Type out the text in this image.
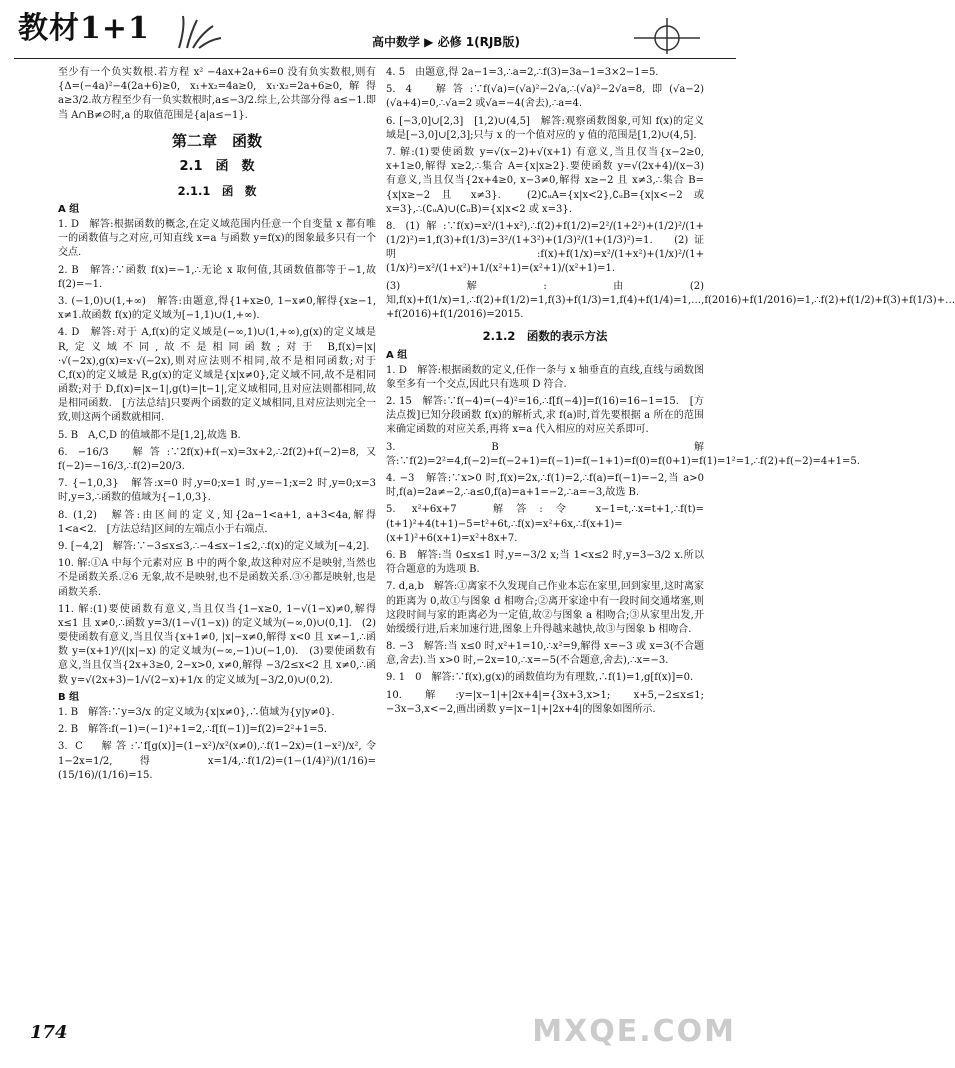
教材1+1	高中数学 ▶ 必修 1(RJB版)

至少有一个负实数根.若方程 x² −4ax+2a+6=0 没有负实数根,则有{Δ=(−4a)²−4(2a+6)≥0, x₁+x₂=4a≥0, x₁·x₂=2a+6≥0,解得 a≥3/2.故方程至少有一负实数根时,a≤−3/2.综上,公共部分得 a≤−1.即当 A∩B≠∅时,a 的取值范围是{a|a≤−1}.

第二章　函数
2.1　函　数
2.1.1　函　数
A 组

1. D　解答:根据函数的概念,在定义域范围内任意一个自变量 x 都有唯一的函数值与之对应,可知直线 x=a 与函数 y=f(x)的图象最多只有一个交点.

2. B　解答:∵函数 f(x)=−1,∴无论 x 取何值,其函数值都等于−1,故 f(2)=−1.

3. (−1,0)∪(1,+∞)　解答:由题意,得{1+x≥0, 1−x≠0,解得{x≥−1, x≠1.故函数 f(x)的定义域为[−1,1)∪(1,+∞).

4. D　解答:对于 A,f(x)的定义域是(−∞,1)∪(1,+∞),g(x)的定义域是 R,定义域不同,故不是相同函数;对于 B,f(x)=|x|·√(−2x),g(x)=x·√(−2x),则对应法则不相同,故不是相同函数;对于 C,f(x)的定义域是 R,g(x)的定义域是{x|x≠0},定义域不同,故不是相同函数;对于 D,f(x)=|x−1|,g(t)=|t−1|,定义域相同,且对应法则都相同,故是相同函数.　[方法总结]只要两个函数的定义域相同,且对应法则完全一致,则这两个函数就相同.

5. B　A,C,D 的值域都不是[1,2],故选 B.

6. −16/3　解答:∵2f(x)+f(−x)=3x+2,∴2f(2)+f(−2)=8,又 f(−2)=−16/3,∴f(2)=20/3.

7. {−1,0,3}　解答:x=0 时,y=0;x=1 时,y=−1;x=2 时,y=0;x=3 时,y=3,∴函数的值域为{−1,0,3}.

8. (1,2)　解答:由区间的定义,知{2a−1<a+1, a+3<4a,解得 1<a<2.　[方法总结]区间的左端点小于右端点.

9. [−4,2]　解答:∵−3≤x≤3,∴−4≤x−1≤2,∴f(x)的定义域为[−4,2].

10. 解:①A 中每个元素对应 B 中的两个象,故这种对应不是映射,当然也不是函数关系.②6 无象,故不是映射,也不是函数关系.③④都是映射,也是函数关系.

11. 解:(1)要使函数有意义,当且仅当{1−x≥0, 1−√(1−x)≠0,解得 x≤1 且 x≠0,∴函数 y=3/(1−√(1−x)) 的定义域为(−∞,0)∪(0,1].　(2) 要使函数有意义,当且仅当{x+1≠0, |x|−x≠0,解得 x<0 且 x≠−1,∴函数 y=(x+1)⁰/(|x|−x) 的定义域为(−∞,−1)∪(−1,0).　(3)要使函数有意义,当且仅当{2x+3≥0, 2−x>0, x≠0,解得 −3/2≤x<2 且 x≠0,∴函数 y=√(2x+3)−1/√(2−x)+1/x 的定义域为[−3/2,0)∪(0,2).

B 组

1. B　解答:∵y=3/x 的定义域为{x|x≠0},∴值域为{y|y≠0}.

2. B　解答:f(−1)=(−1)²+1=2,∴f[f(−1)]=f(2)=2²+1=5.

3. C　解答:∵f[g(x)]=(1−x²)/x²(x≠0),∴f(1−2x)=(1−x²)/x²,令 1−2x=1/2,得 x=1/4,∴f(1/2)=(1−(1/4)²)/(1/16)=(15/16)/(1/16)=15.

4. 5　由题意,得 2a−1=3,∴a=2,∴f(3)=3a−1=3×2−1=5.

5. 4　解答:∵f(√a)=(√a)²−2√a,∴(√a)²−2√a=8,即(√a−2)(√a+4)=0,∴√a=2 或√a=−4(舍去),∴a=4.

6. [−3,0]∪[2,3]　[1,2)∪(4,5]　解答:观察函数图象,可知 f(x)的定义域是[−3,0]∪[2,3];只与 x 的一个值对应的 y 值的范围是[1,2)∪(4,5].

7. 解:(1)要使函数 y=√(x−2)+√(x+1) 有意义,当且仅当{x−2≥0, x+1≥0,解得 x≥2,∴集合 A={x|x≥2}.要使函数 y=√(2x+4)/(x−3) 有意义,当且仅当{2x+4≥0, x−3≠0,解得 x≥−2 且 x≠3,∴集合 B={x|x≥−2 且 x≠3}.　(2)∁ᵤA={x|x<2},∁ᵤB={x|x<−2 或 x=3},∴(∁ᵤA)∪(∁ᵤB)={x|x<2 或 x=3}.

8. (1)解:∵f(x)=x²/(1+x²),∴f(2)+f(1/2)=2²/(1+2²)+(1/2)²/(1+(1/2)²)=1,f(3)+f(1/3)=3²/(1+3²)+(1/3)²/(1+(1/3)²)=1.　(2)证明:f(x)+f(1/x)=x²/(1+x²)+(1/x)²/(1+(1/x)²)=x²/(1+x²)+1/(x²+1)=(x²+1)/(x²+1)=1.

(3)解:由(2)知,f(x)+f(1/x)=1,∴f(2)+f(1/2)=1,f(3)+f(1/3)=1,f(4)+f(1/4)=1,…,f(2016)+f(1/2016)=1,∴f(2)+f(1/2)+f(3)+f(1/3)+…+f(2016)+f(1/2016)=2015.

2.1.2　函数的表示方法
A 组

1. D　解答:根据函数的定义,任作一条与 x 轴垂直的直线,直线与函数图象至多有一个交点,因此只有选项 D 符合.

2. 15　解答:∵f(−4)=(−4)²=16,∴f[f(−4)]=f(16)=16−1=15.　[方法点拨]已知分段函数 f(x)的解析式,求 f(a)时,首先要根据 a 所在的范围来确定函数的对应关系,再将 x=a 代入相应的对应关系即可.

3. B　解答:∵f(2)=2²=4,f(−2)=f(−2+1)=f(−1)=f(−1+1)=f(0)=f(0+1)=f(1)=1²=1,∴f(2)+f(−2)=4+1=5.

4. −3　解答:∵x>0 时,f(x)=2x,∴f(1)=2,∴f(a)=f(−1)=−2,当 a>0 时,f(a)=2a≠−2,∴a≤0,f(a)=a+1=−2,∴a=−3,故选 B.

5. x²+6x+7　解答:令 x−1=t,∴x=t+1,∴f(t)=(t+1)²+4(t+1)−5=t²+6t,∴f(x)=x²+6x,∴f(x+1)=(x+1)²+6(x+1)=x²+8x+7.

6. B　解答:当 0≤x≤1 时,y=−3/2 x;当 1<x≤2 时,y=3−3/2 x.所以符合题意的为选项 B.

7. d,a,b　解答:①离家不久发现自己作业本忘在家里,回到家里,这时离家的距离为 0,故①与图象 d 相吻合;②离开家途中有一段时间交通堵塞,则这段时间与家的距离必为一定值,故②与图象 a 相吻合;③从家里出发,开始缓缓行进,后来加速行进,图象上升得越来越快,故③与图象 b 相吻合.

8. −3　解答:当 x≤0 时,x²+1=10,∴x²=9,解得 x=−3 或 x=3(不合题意,舍去).当 x>0 时,−2x=10,∴x=−5(不合题意,舍去),∴x=−3.

9. 1　0　解答:∵f(x),g(x)的函数值均为有理数,∴f(1)=1,g[f(x)]=0.

10. 解:y=|x−1|+|2x+4|={3x+3,x>1; x+5,−2≤x≤1; −3x−3,x<−2,画出函数 y=|x−1|+|2x+4|的图象如图所示.

174	MXQE.COM
